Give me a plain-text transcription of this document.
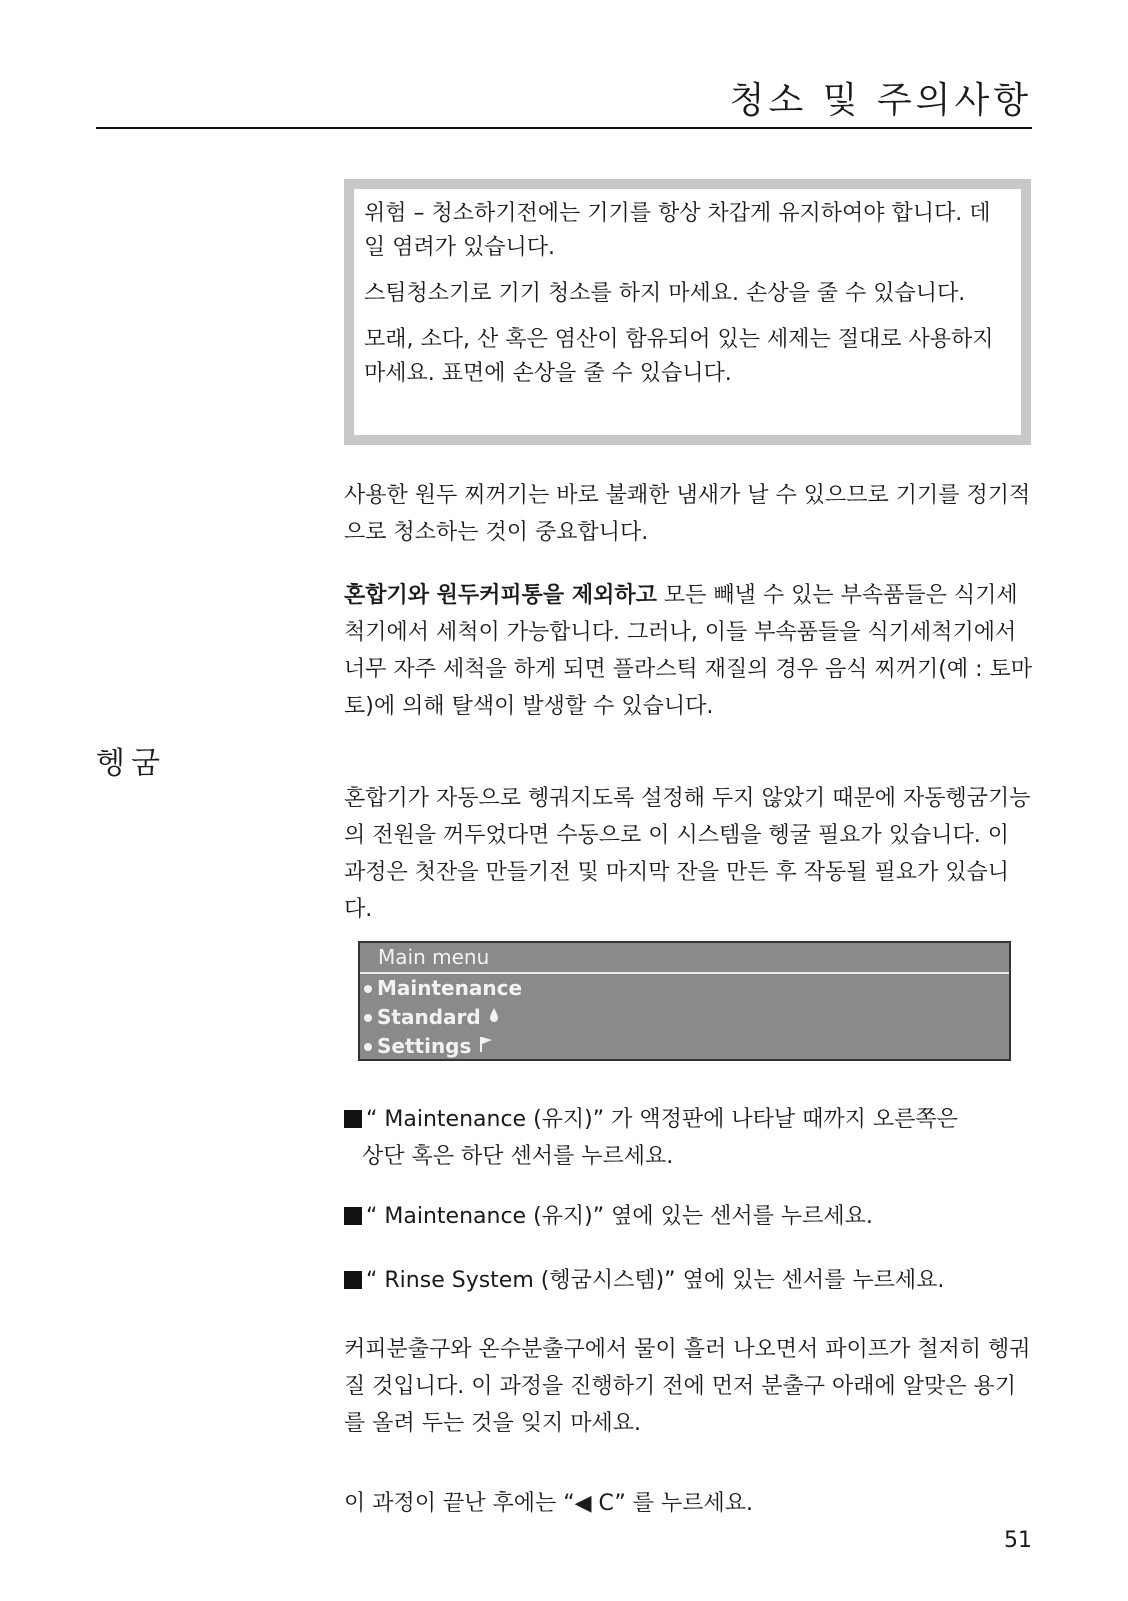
청소 및 주의사항

위험 – 청소하기전에는 기기를 항상 차갑게 유지하여야 합니다. 데일 염려가 있습니다.

스팀청소기로 기기 청소를 하지 마세요. 손상을 줄 수 있습니다.

모래, 소다, 산 혹은 염산이 함유되어 있는 세제는 절대로 사용하지 마세요. 표면에 손상을 줄 수 있습니다.

사용한 원두 찌꺼기는 바로 불쾌한 냄새가 날 수 있으므로 기기를 정기적으로 청소하는 것이 중요합니다.

혼합기와 원두커피통을 제외하고 모든 빼낼 수 있는 부속품들은 식기세척기에서 세척이 가능합니다. 그러나, 이들 부속품들을 식기세척기에서 너무 자주 세척을 하게 되면 플라스틱 재질의 경우 음식 찌꺼기(예 : 토마토)에 의해 탈색이 발생할 수 있습니다.

헹굼

혼합기가 자동으로 헹궈지도록 설정해 두지 않았기 때문에 자동헹굼기능의 전원을 꺼두었다면 수동으로 이 시스템을 헹굴 필요가 있습니다. 이 과정은 첫잔을 만들기전 및 마지막 잔을 만든 후 작동될 필요가 있습니다.

Main menu
Maintenance
Standard
Settings
“ Maintenance (유지)” 가 액정판에 나타날 때까지 오른쪽은
상단 혹은 하단 센서를 누르세요.
“ Maintenance (유지)” 옆에 있는 센서를 누르세요.
“ Rinse System (헹굼시스템)” 옆에 있는 센서를 누르세요.

커피분출구와 온수분출구에서 물이 흘러 나오면서 파이프가 철저히 헹궈질 것입니다. 이 과정을 진행하기 전에 먼저 분출구 아래에 알맞은 용기를 올려 두는 것을 잊지 마세요.

이 과정이 끝난 후에는 “◀ C” 를 누르세요.

51
